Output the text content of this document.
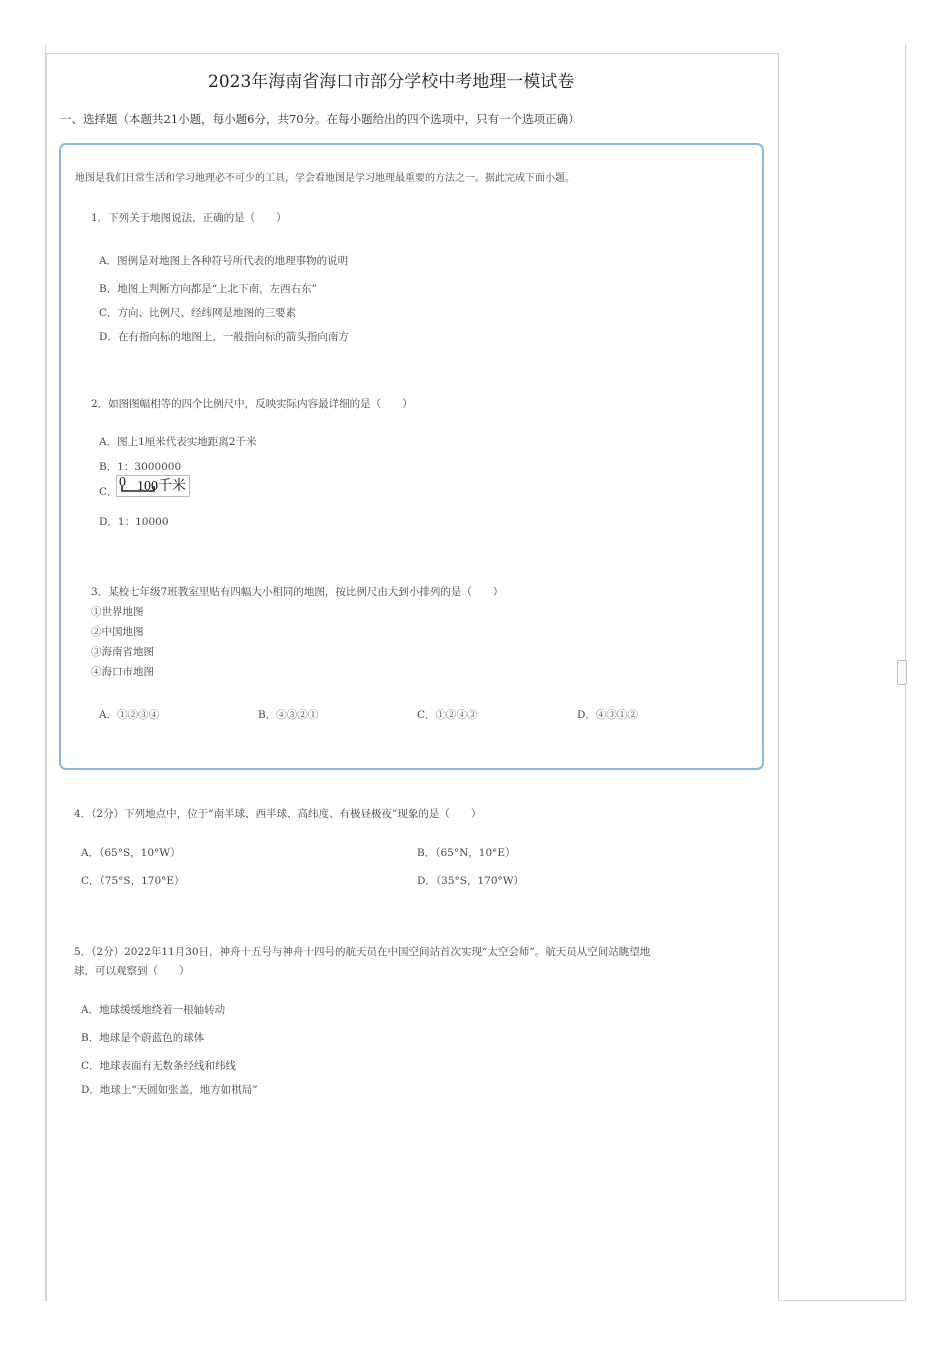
2023年海南省海口市部分学校中考地理一模试卷
一、选择题（本题共21小题，每小题6分，共70分。在每小题给出的四个选项中，只有一个选项正确）
地图是我们日常生活和学习地理必不可少的工具，学会看地图是学习地理最重要的方法之一。据此完成下面小题。
1．下列关于地图说法，正确的是（　　）
A．图例是对地图上各种符号所代表的地理事物的说明
B．地图上判断方向都是“上北下南，左西右东”
C．方向、比例尺、经纬网是地图的三要素
D．在有指向标的地图上，一般指向标的箭头指向南方
2．如图图幅相等的四个比例尺中，反映实际内容最详细的是（　　）
A．图上1厘米代表实地距离2千米
B．1：3000000
C．
0 100千米
D．1：10000
3．某校七年级7班教室里贴有四幅大小相同的地图，按比例尺由大到小排列的是（　　）
①世界地图
②中国地图
③海南省地图
④海口市地图
A．①②③④	B．④③②①	C．①②④③	D．④③①②
4．（2分）下列地点中，位于“南半球、西半球、高纬度、有极昼极夜”现象的是（　　）
A．（65°S，10°W）	B．（65°N，10°E）
C．（75°S，170°E）	D．（35°S，170°W）
5．（2分）2022年11月30日，神舟十五号与神舟十四号的航天员在中国空间站首次实现“太空会师”。航天员从空间站眺望地
球，可以观察到（　　）
A．地球缓缓地绕着一根轴转动
B．地球是个蔚蓝色的球体
C．地球表面有无数条经线和纬线
D．地球上“天圆如张盖，地方如棋局”
